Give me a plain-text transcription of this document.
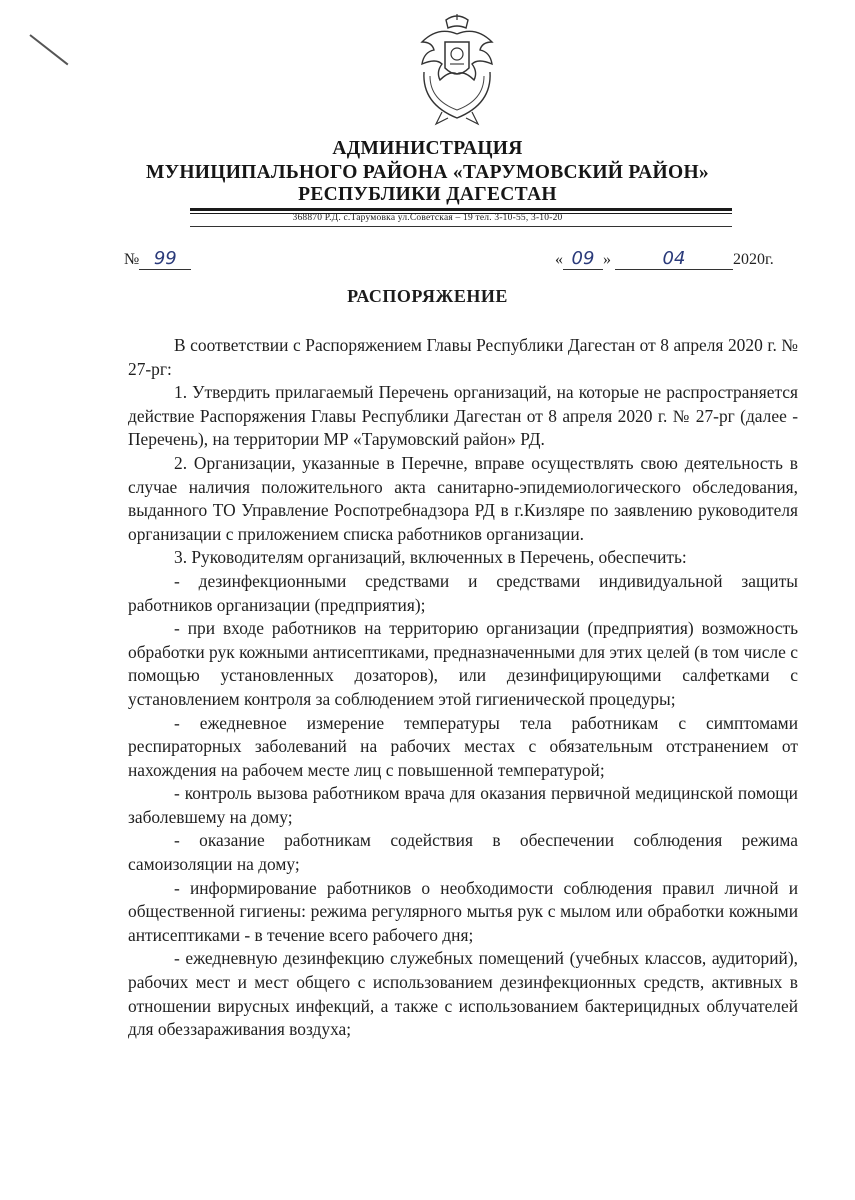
АДМИНИСТРАЦИЯ
МУНИЦИПАЛЬНОГО РАЙОНА «ТАРУМОВСКИЙ РАЙОН»
РЕСПУБЛИКИ ДАГЕСТАН
368870 Р.Д. с.Тарумовка ул.Советская – 19 тел. 3-10-55, 3-10-20
№ 99	« 09 »	04	2020г.
РАСПОРЯЖЕНИЕ

В соответствии с Распоряжением Главы Республики Дагестан от 8 апреля 2020 г. № 27-рг:

1. Утвердить прилагаемый Перечень организаций, на которые не распространяется действие Распоряжения Главы Республики Дагестан от 8 апреля 2020 г. № 27-рг (далее - Перечень), на территории МР «Тарумовский район» РД.

2. Организации, указанные в Перечне, вправе осуществлять свою деятельность в случае наличия положительного акта санитарно-эпидемиологического обследования, выданного ТО Управление Роспотребнадзора РД в г.Кизляре по заявлению руководителя организации с приложением списка работников организации.

3. Руководителям организаций, включенных в Перечень, обеспечить:

- дезинфекционными средствами и средствами индивидуальной защиты работников организации (предприятия);

- при входе работников на территорию организации (предприятия) возможность обработки рук кожными антисептиками, предназначенными для этих целей (в том числе с помощью установленных дозаторов), или дезинфицирующими салфетками с установлением контроля за соблюдением этой гигиенической процедуры;

- ежедневное измерение температуры тела работникам с симптомами респираторных заболеваний на рабочих местах с обязательным отстранением от нахождения на рабочем месте лиц с повышенной температурой;

- контроль вызова работником врача для оказания первичной медицинской помощи заболевшему на дому;

- оказание работникам содействия в обеспечении соблюдения режима самоизоляции на дому;

- информирование работников о необходимости соблюдения правил личной и общественной гигиены: режима регулярного мытья рук с мылом или обработки кожными антисептиками - в течение всего рабочего дня;

- ежедневную дезинфекцию служебных помещений (учебных классов, аудиторий), рабочих мест и мест общего с использованием дезинфекционных средств, активных в отношении вирусных инфекций, а также с использованием бактерицидных облучателей для обеззараживания воздуха;
